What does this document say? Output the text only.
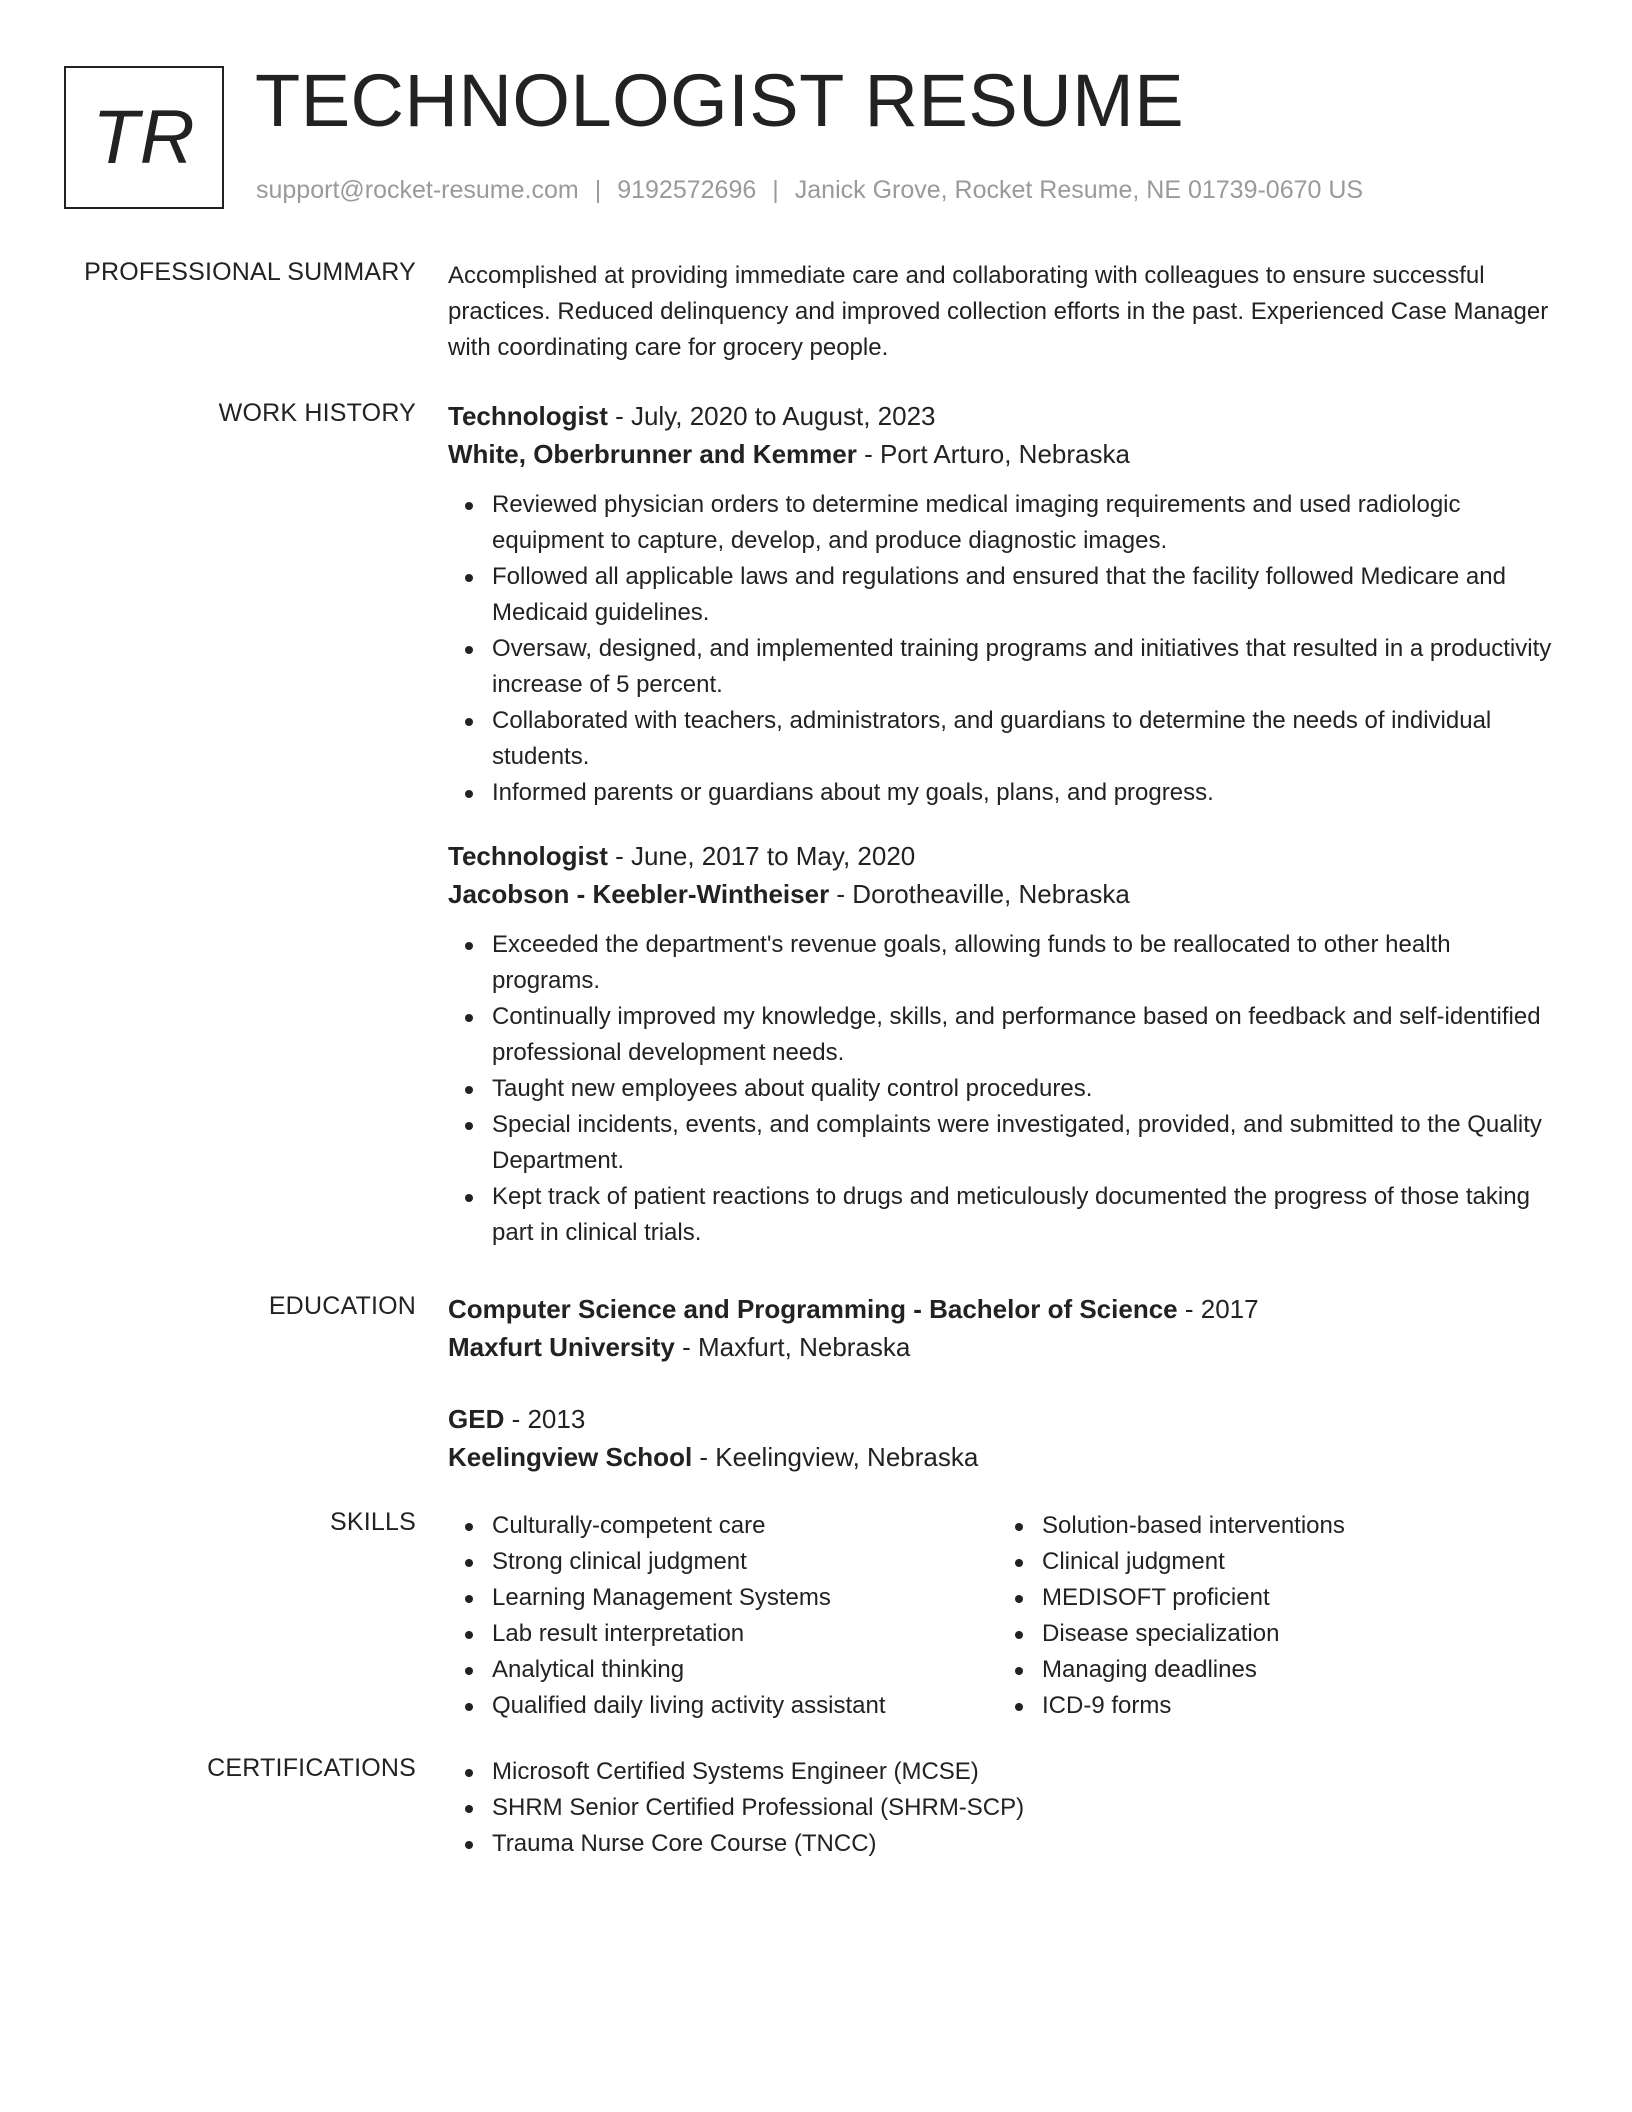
TR TECHNOLOGIST RESUME
support@rocket-resume.com | 9192572696 | Janick Grove, Rocket Resume, NE 01739-0670 US
PROFESSIONAL SUMMARY Accomplished at providing immediate care and collaborating with colleagues to ensure successful practices. Reduced delinquency and improved collection efforts in the past. Experienced Case Manager with coordinating care for grocery people.

WORK HISTORY Technologist - July, 2020 to August, 2023
White, Oberbrunner and Kemmer - Port Arturo, Nebraska
Reviewed physician orders to determine medical imaging requirements and used radiologic equipment to capture, develop, and produce diagnostic images.
Followed all applicable laws and regulations and ensured that the facility followed Medicare and Medicaid guidelines.
Oversaw, designed, and implemented training programs and initiatives that resulted in a productivity increase of 5 percent.
Collaborated with teachers, administrators, and guardians to determine the needs of individual students.
Informed parents or guardians about my goals, plans, and progress.
Technologist - June, 2017 to May, 2020
Jacobson - Keebler-Wintheiser - Dorotheaville, Nebraska
Exceeded the department's revenue goals, allowing funds to be reallocated to other health programs.
Continually improved my knowledge, skills, and performance based on feedback and self-identified professional development needs.
Taught new employees about quality control procedures.
Special incidents, events, and complaints were investigated, provided, and submitted to the Quality Department.
Kept track of patient reactions to drugs and meticulously documented the progress of those taking part in clinical trials.
EDUCATION Computer Science and Programming - Bachelor of Science - 2017
Maxfurt University - Maxfurt, Nebraska
GED - 2013
Keelingview School - Keelingview, Nebraska
SKILLS	Culturally-competent care
Strong clinical judgment
Learning Management Systems
Lab result interpretation
Analytical thinking
Qualified daily living activity assistant
Solution-based interventions
Clinical judgment
MEDISOFT proficient
Disease specialization
Managing deadlines
ICD-9 forms
CERTIFICATIONS	Microsoft Certified Systems Engineer (MCSE)
SHRM Senior Certified Professional (SHRM-SCP)
Trauma Nurse Core Course (TNCC)
